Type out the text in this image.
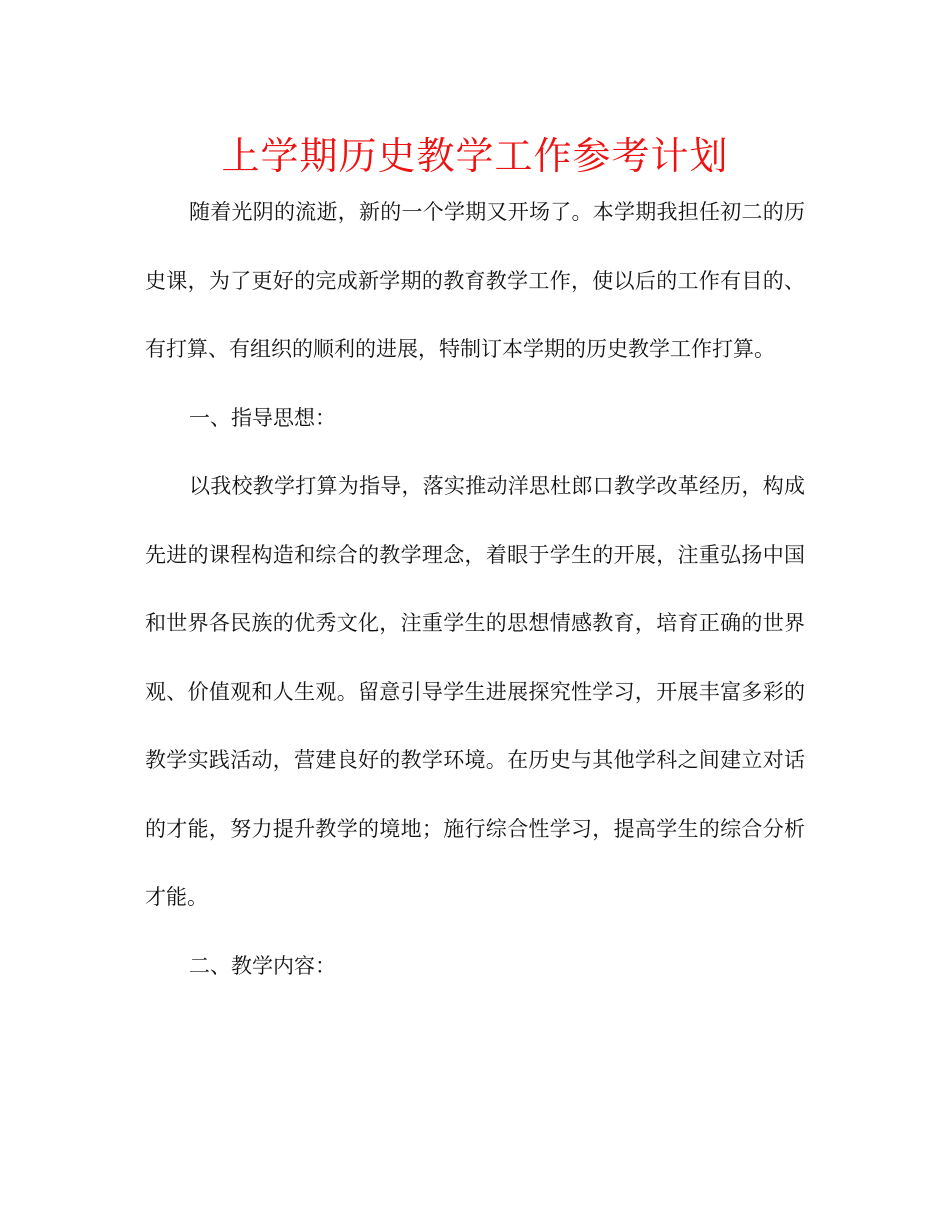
上学期历史教学工作参考计划

随着光阴的流逝，新的一个学期又开场了。本学期我担任初二的历史课，为了更好的完成新学期的教育教学工作，使以后的工作有目的、有打算、有组织的顺利的进展，特制订本学期的历史教学工作打算。

一、指导思想：

以我校教学打算为指导，落实推动洋思杜郎口教学改革经历，构成先进的课程构造和综合的教学理念，着眼于学生的开展，注重弘扬中国和世界各民族的优秀文化，注重学生的思想情感教育，培育正确的世界观、价值观和人生观。留意引导学生进展探究性学习，开展丰富多彩的教学实践活动，营建良好的教学环境。在历史与其他学科之间建立对话的才能，努力提升教学的境地；施行综合性学习，提高学生的综合分析才能。

二、教学内容：
